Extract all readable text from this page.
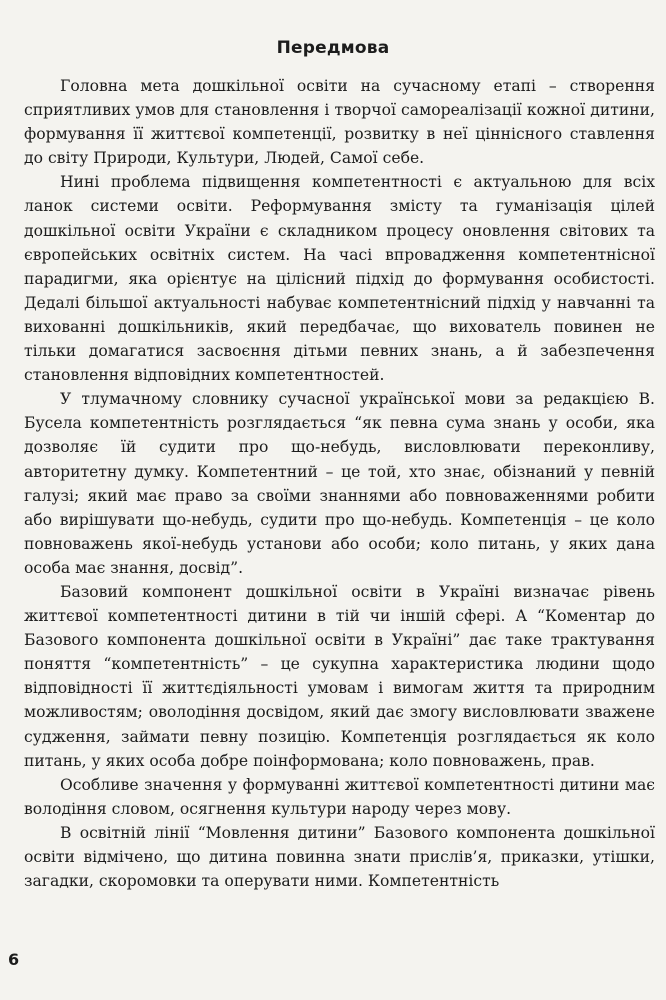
Передмова

Головна мета дошкільної освіти на сучасному етапі – створення сприятливих умов для становлення і творчої самореалізації кожної дитини, формування її життєвої компетенції, розвитку в неї ціннісного ставлення до світу Природи, Культури, Людей, Самої себе.

Нині проблема підвищення компетентності є актуальною для всіх ланок системи освіти. Реформування змісту та гуманізація цілей дошкільної освіти України є складником процесу оновлення світових та європейських освітніх систем. На часі впровадження компетентнісної парадигми, яка орієнтує на цілісний підхід до формування особистості. Дедалі більшої актуальності набуває компетентнісний підхід у навчанні та вихованні дошкільників, який передбачає, що вихователь повинен не тільки домагатися засвоєння дітьми певних знань, а й забезпечення становлення відповідних компетентностей.

У тлумачному словнику сучасної української мови за редакцією В. Бусела компетентність розглядається “як певна сума знань у особи, яка дозволяє їй судити про що-небудь, висловлювати переконливу, авторитетну думку. Компетентний – це той, хто знає, обізнаний у певній галузі; який має право за своїми знаннями або повноваженнями робити або вирішувати що-небудь, судити про що-небудь. Компетенція – це коло повноважень якої-небудь установи або особи; коло питань, у яких дана особа має знання, досвід”.

Базовий компонент дошкільної освіти в Україні визначає рівень життєвої компетентності дитини в тій чи іншій сфері. А “Коментар до Базового компонента дошкільної освіти в Україні” дає таке трактування поняття “компетентність” – це сукупна характеристика людини щодо відповідності її життєдіяльності умовам і вимогам життя та природним можливостям; оволодіння досвідом, який дає змогу висловлювати зважене судження, займати певну позицію. Компетенція розглядається як коло питань, у яких особа добре поінформована; коло повноважень, прав.

Особливе значення у формуванні життєвої компетентності дитини має володіння словом, осягнення культури народу через мову.

В освітній лінії “Мовлення дитини” Базового компонента дошкільної освіти відмічено, що дитина повинна знати прислів’я, приказки, утішки, загадки, скоромовки та оперувати ними. Компетентність

6
